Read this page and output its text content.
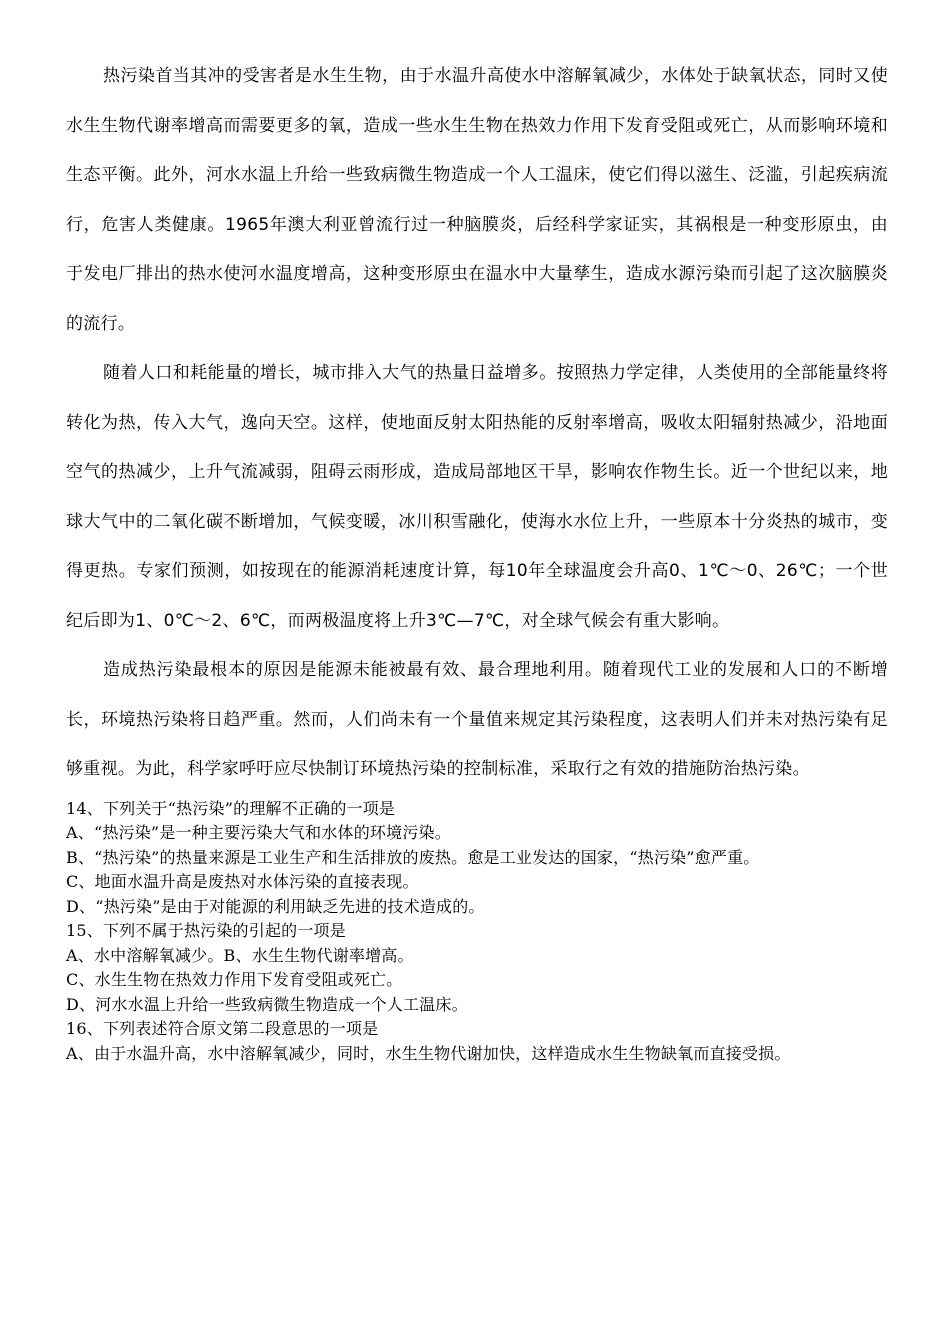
热污染首当其冲的受害者是水生生物，由于水温升高使水中溶解氧减少，水体处于缺氧状态，同时又使水生生物代谢率增高而需要更多的氧，造成一些水生生物在热效力作用下发育受阻或死亡，从而影响环境和生态平衡。此外，河水水温上升给一些致病微生物造成一个人工温床，使它们得以滋生、泛滥，引起疾病流行，危害人类健康。1965年澳大利亚曾流行过一种脑膜炎，后经科学家证实，其祸根是一种变形原虫，由于发电厂排出的热水使河水温度增高，这种变形原虫在温水中大量孳生，造成水源污染而引起了这次脑膜炎的流行。

随着人口和耗能量的增长，城市排入大气的热量日益增多。按照热力学定律，人类使用的全部能量终将转化为热，传入大气，逸向天空。这样，使地面反射太阳热能的反射率增高，吸收太阳辐射热减少，沿地面空气的热减少，上升气流减弱，阻碍云雨形成，造成局部地区干旱，影响农作物生长。近一个世纪以来，地球大气中的二氧化碳不断增加，气候变暖，冰川积雪融化，使海水水位上升，一些原本十分炎热的城市，变得更热。专家们预测，如按现在的能源消耗速度计算，每10年全球温度会升高0、1℃～0、26℃；一个世纪后即为1、0℃～2、6℃，而两极温度将上升3℃—7℃，对全球气候会有重大影响。

造成热污染最根本的原因是能源未能被最有效、最合理地利用。随着现代工业的发展和人口的不断增长，环境热污染将日趋严重。然而，人们尚未有一个量值来规定其污染程度，这表明人们并未对热污染有足够重视。为此，科学家呼吁应尽快制订环境热污染的控制标准，采取行之有效的措施防治热污染。

14、下列关于“热污染”的理解不正确的一项是

A、“热污染”是一种主要污染大气和水体的环境污染。

B、“热污染”的热量来源是工业生产和生活排放的废热。愈是工业发达的国家，“热污染”愈严重。

C、地面水温升高是废热对水体污染的直接表现。

D、“热污染”是由于对能源的利用缺乏先进的技术造成的。

15、下列不属于热污染的引起的一项是

A、水中溶解氧减少。B、水生生物代谢率增高。

C、水生生物在热效力作用下发育受阻或死亡。

D、河水水温上升给一些致病微生物造成一个人工温床。

16、下列表述符合原文第二段意思的一项是

A、由于水温升高，水中溶解氧减少，同时，水生生物代谢加快，这样造成水生生物缺氧而直接受损。
